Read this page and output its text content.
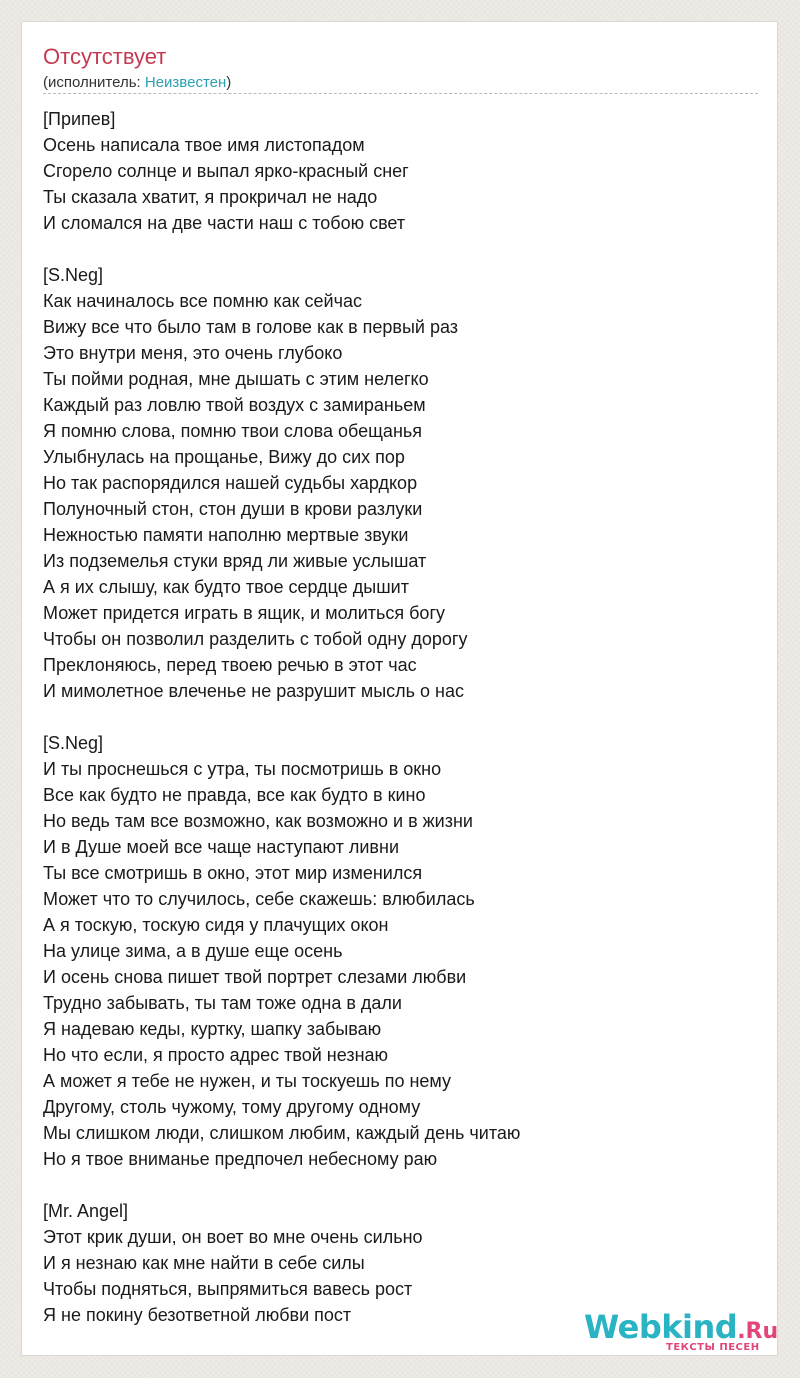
Отсутствует
(исполнитель: Неизвестен)
[Припев]
Осень написала твое имя листопадом
Сгорело солнце и выпал ярко-красный снег
Ты сказала хватит, я прокричал не надо
И сломался на две части наш с тобою свет
[S.Neg]
Как начиналось все помню как сейчас
Вижу все что было там в голове как в первый раз
Это внутри меня, это очень глубоко
Ты пойми родная, мне дышать с этим нелегко
Каждый раз ловлю твой воздух с замираньем
Я помню слова, помню твои слова обещанья
Улыбнулась на прощанье, Вижу до сих пор
Но так распорядился нашей судьбы хардкор
Полуночный стон, стон души в крови разлуки
Нежностью памяти наполню мертвые звуки
Из подземелья стуки вряд ли живые услышат
А я их слышу, как будто твое сердце дышит
Может придется играть в ящик, и молиться богу
Чтобы он позволил разделить с тобой одну дорогу
Преклоняюсь, перед твоею речью в этот час
И мимолетное влеченье не разрушит мысль о нас
[S.Neg]
И ты проснешься с утра, ты посмотришь в окно
Все как будто не правда, все как будто в кино
Но ведь там все возможно, как возможно и в жизни
И в Душе моей все чаще наступают ливни
Ты все смотришь в окно, этот мир изменился
Может что то случилось, себе скажешь: влюбилась
А я тоскую, тоскую сидя у плачущих окон
На улице зима, а в душе еще осень
И осень снова пишет твой портрет слезами любви
Трудно забывать, ты там тоже одна в дали
Я надеваю кеды, куртку, шапку забываю
Но что если, я просто адрес твой незнаю
А может я тебе не нужен, и ты тоскуешь по нему
Другому, столь чужому, тому другому одному
Мы слишком люди, слишком любим, каждый день читаю
Но я твое вниманье предпочел небесному раю
[Mr. Angel]
Этот крик души, он воет во мне очень сильно
И я незнаю как мне найти в себе силы
Чтобы подняться, выпрямиться вавесь рост
Я не покину безответной любви пост	Webkind.Ru
ТЕКСТЫ ПЕСЕН
